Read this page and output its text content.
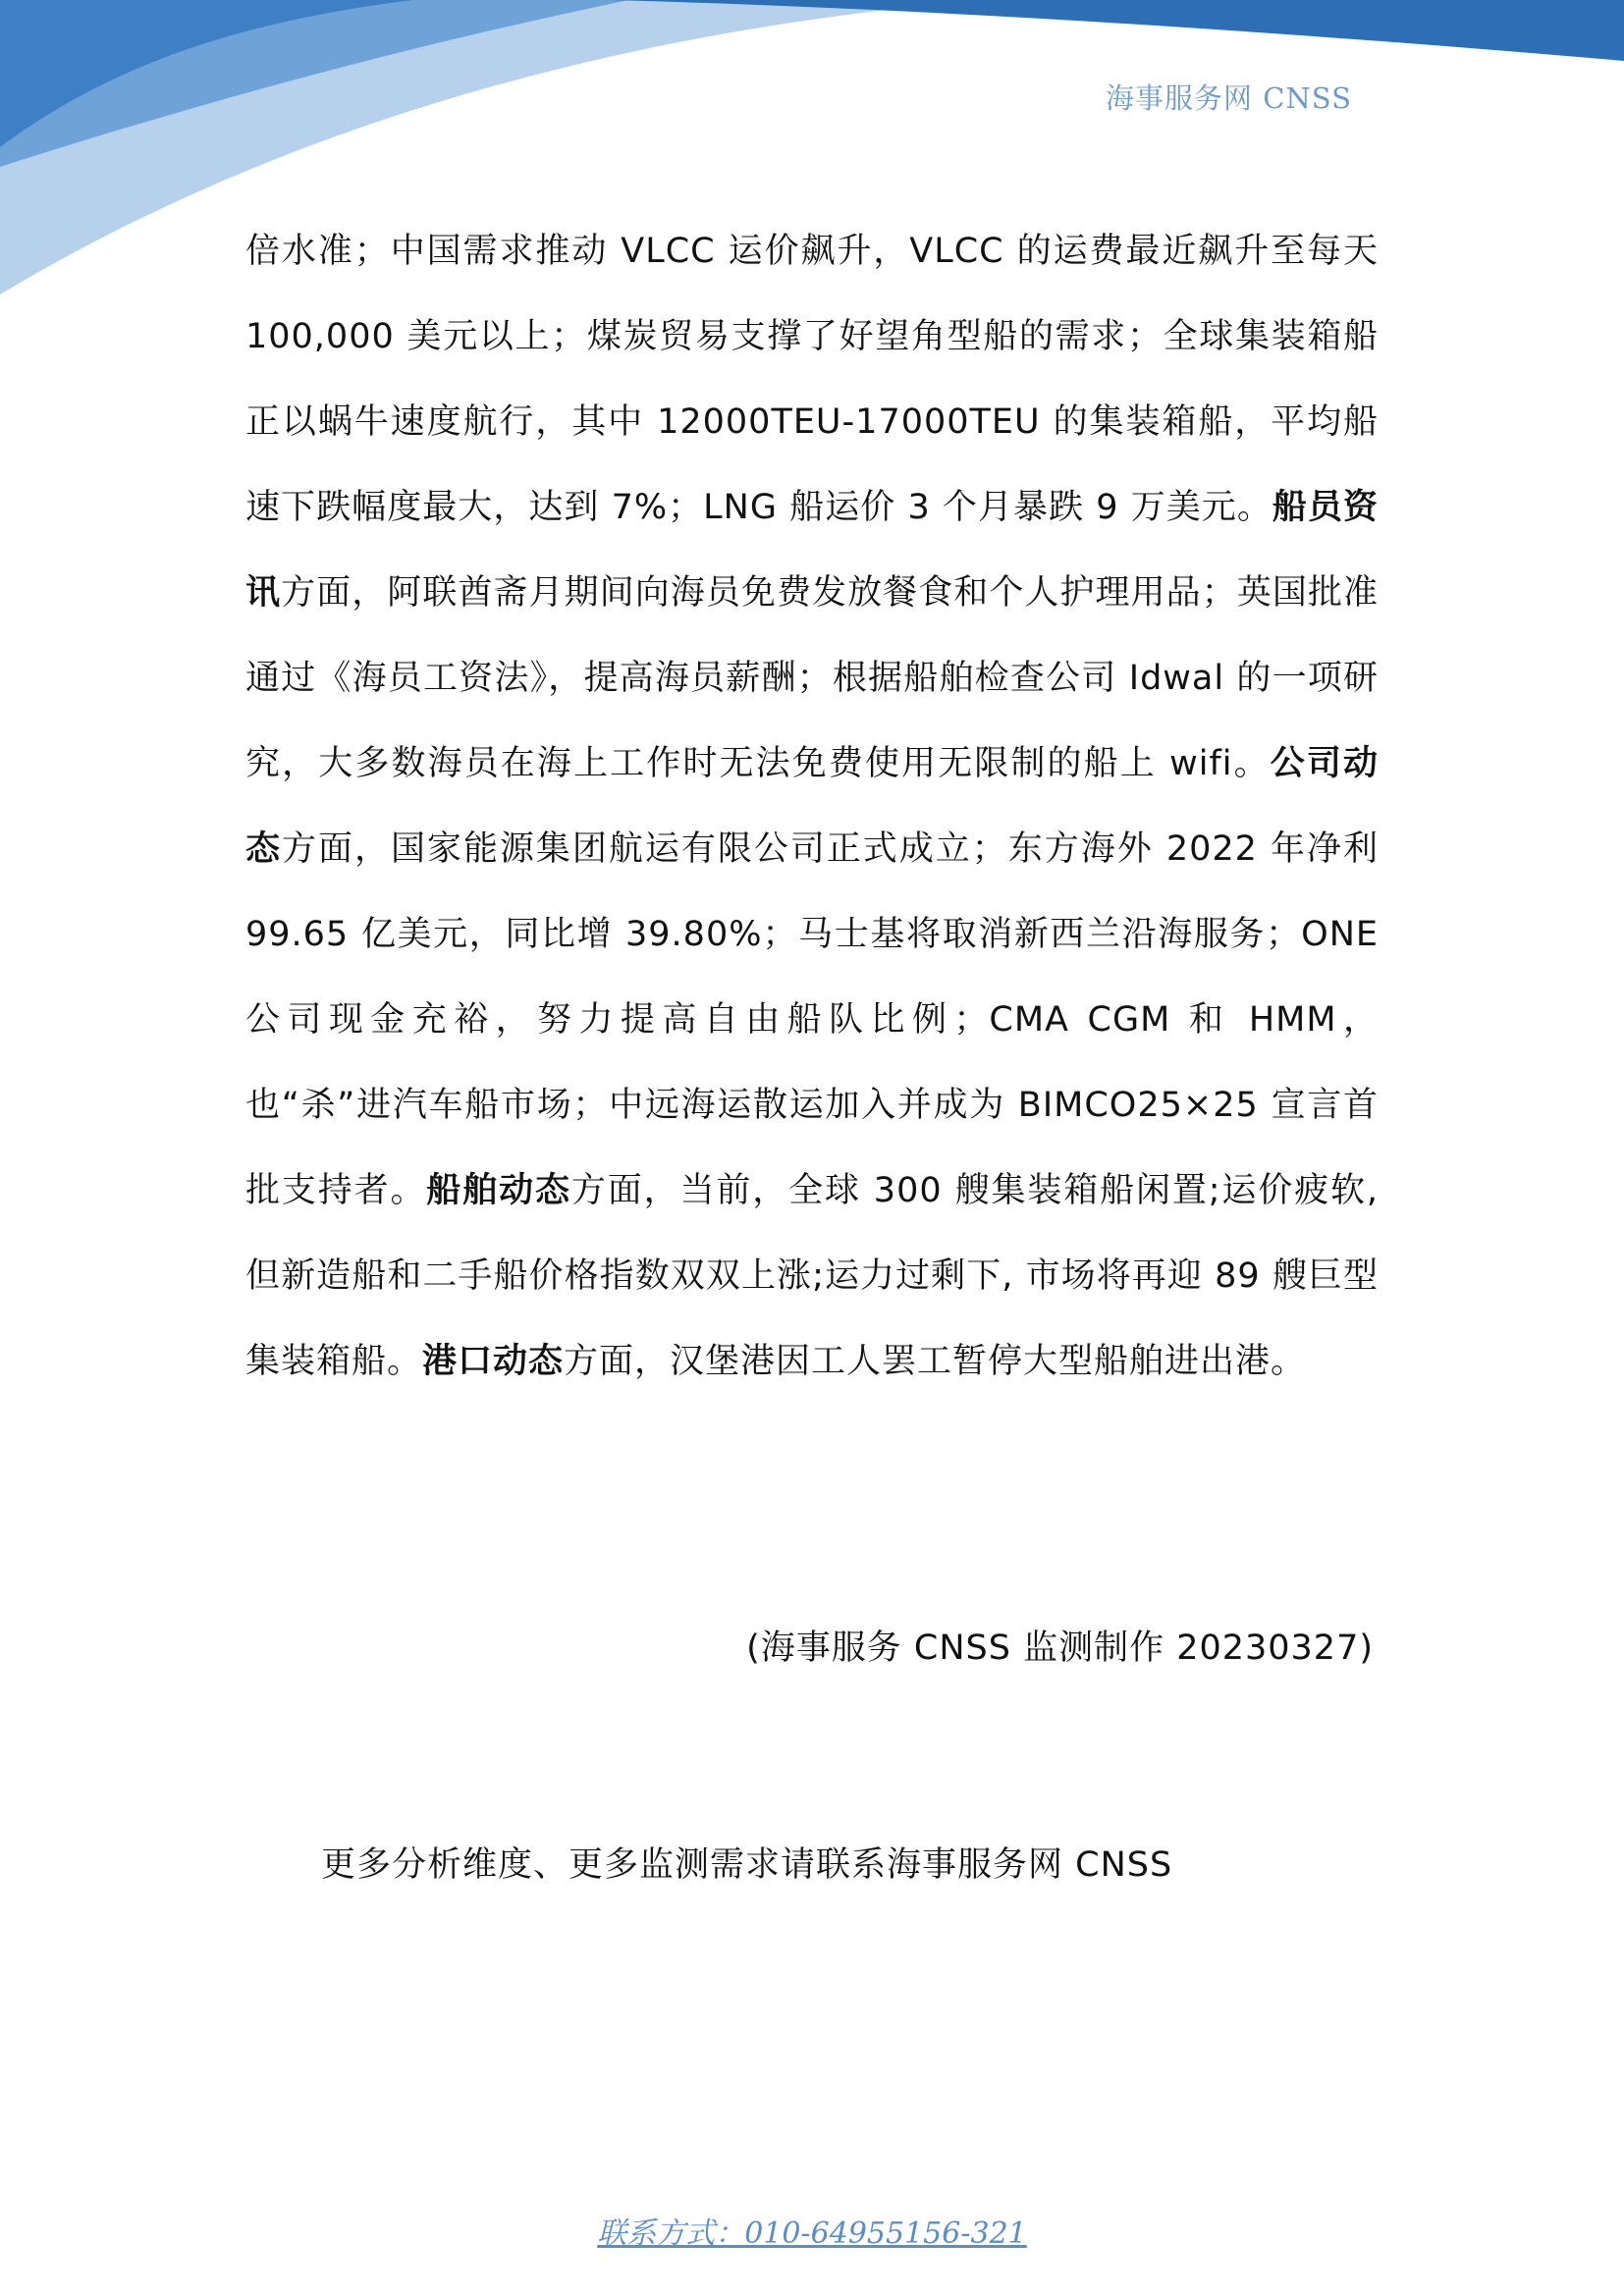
海事服务网 CNSS
倍水准；中国需求推动 VLCC 运价飙升，VLCC 的运费最近飙升至每天 100,000 美元以上；煤炭贸易支撑了好望角型船的需求；全球集装箱船正以蜗牛速度航行，其中 12000TEU-17000TEU 的集装箱船，平均船速下跌幅度最大，达到 7%；LNG 船运价 3 个月暴跌 9 万美元。船员资讯方面，阿联酋斋月期间向海员免费发放餐食和个人护理用品；英国批准通过《海员工资法》，提高海员薪酬；根据船舶检查公司 Idwal 的一项研究，大多数海员在海上工作时无法免费使用无限制的船上 wifi。公司动态方面，国家能源集团航运有限公司正式成立；东方海外 2022 年净利 99.65 亿美元，同比增 39.80%；马士基将取消新西兰沿海服务；ONE 公司现金充裕，努力提高自由船队比例；CMA CGM 和 HMM，也“杀”进汽车船市场；中远海运散运加入并成为 BIMCO25×25 宣言首批支持者。船舶动态方面，当前，全球 300 艘集装箱船闲置;运价疲软,但新造船和二手船价格指数双双上涨;运力过剩下, 市场将再迎 89 艘巨型集装箱船。港口动态方面，汉堡港因工人罢工暂停大型船舶进出港。
(海事服务 CNSS 监测制作 20230327)
更多分析维度、更多监测需求请联系海事服务网 CNSS
联系方式：010-64955156-321
